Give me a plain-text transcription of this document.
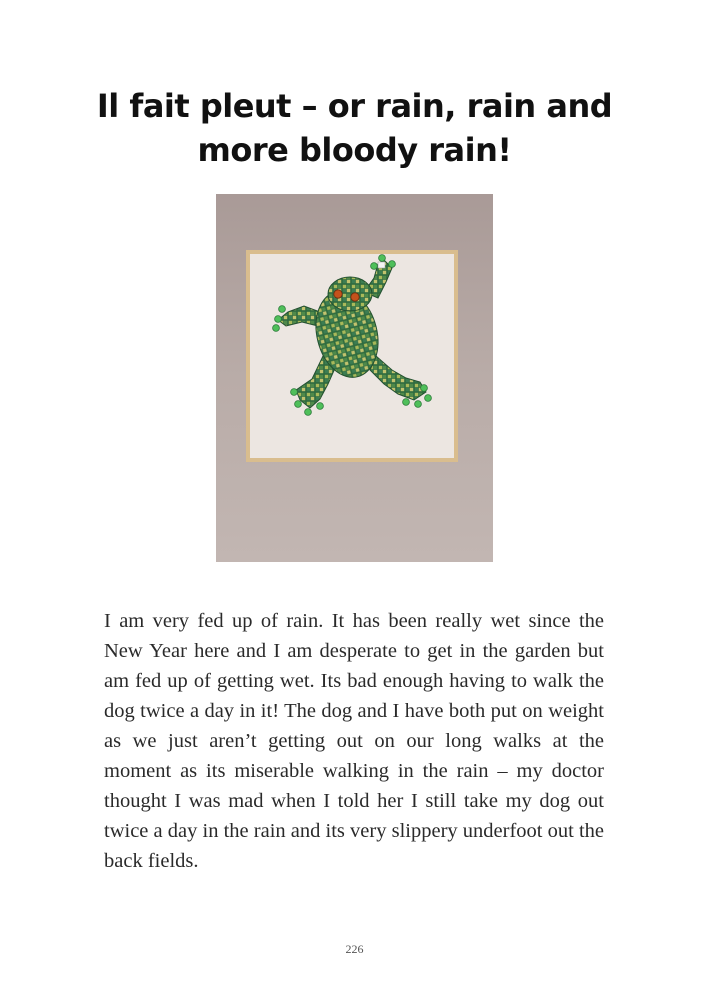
Il fait pleut – or rain, rain and more bloody rain!

I am very fed up of rain. It has been really wet since the New Year here and I am desperate to get in the garden but am fed up of getting wet. Its bad enough having to walk the dog twice a day in it! The dog and I have both put on weight as we just aren’t getting out on our long walks at the moment as its miserable walking in the rain – my doctor thought I was mad when I told her I still take my dog out twice a day in the rain and its very slippery underfoot out the back fields.

226
